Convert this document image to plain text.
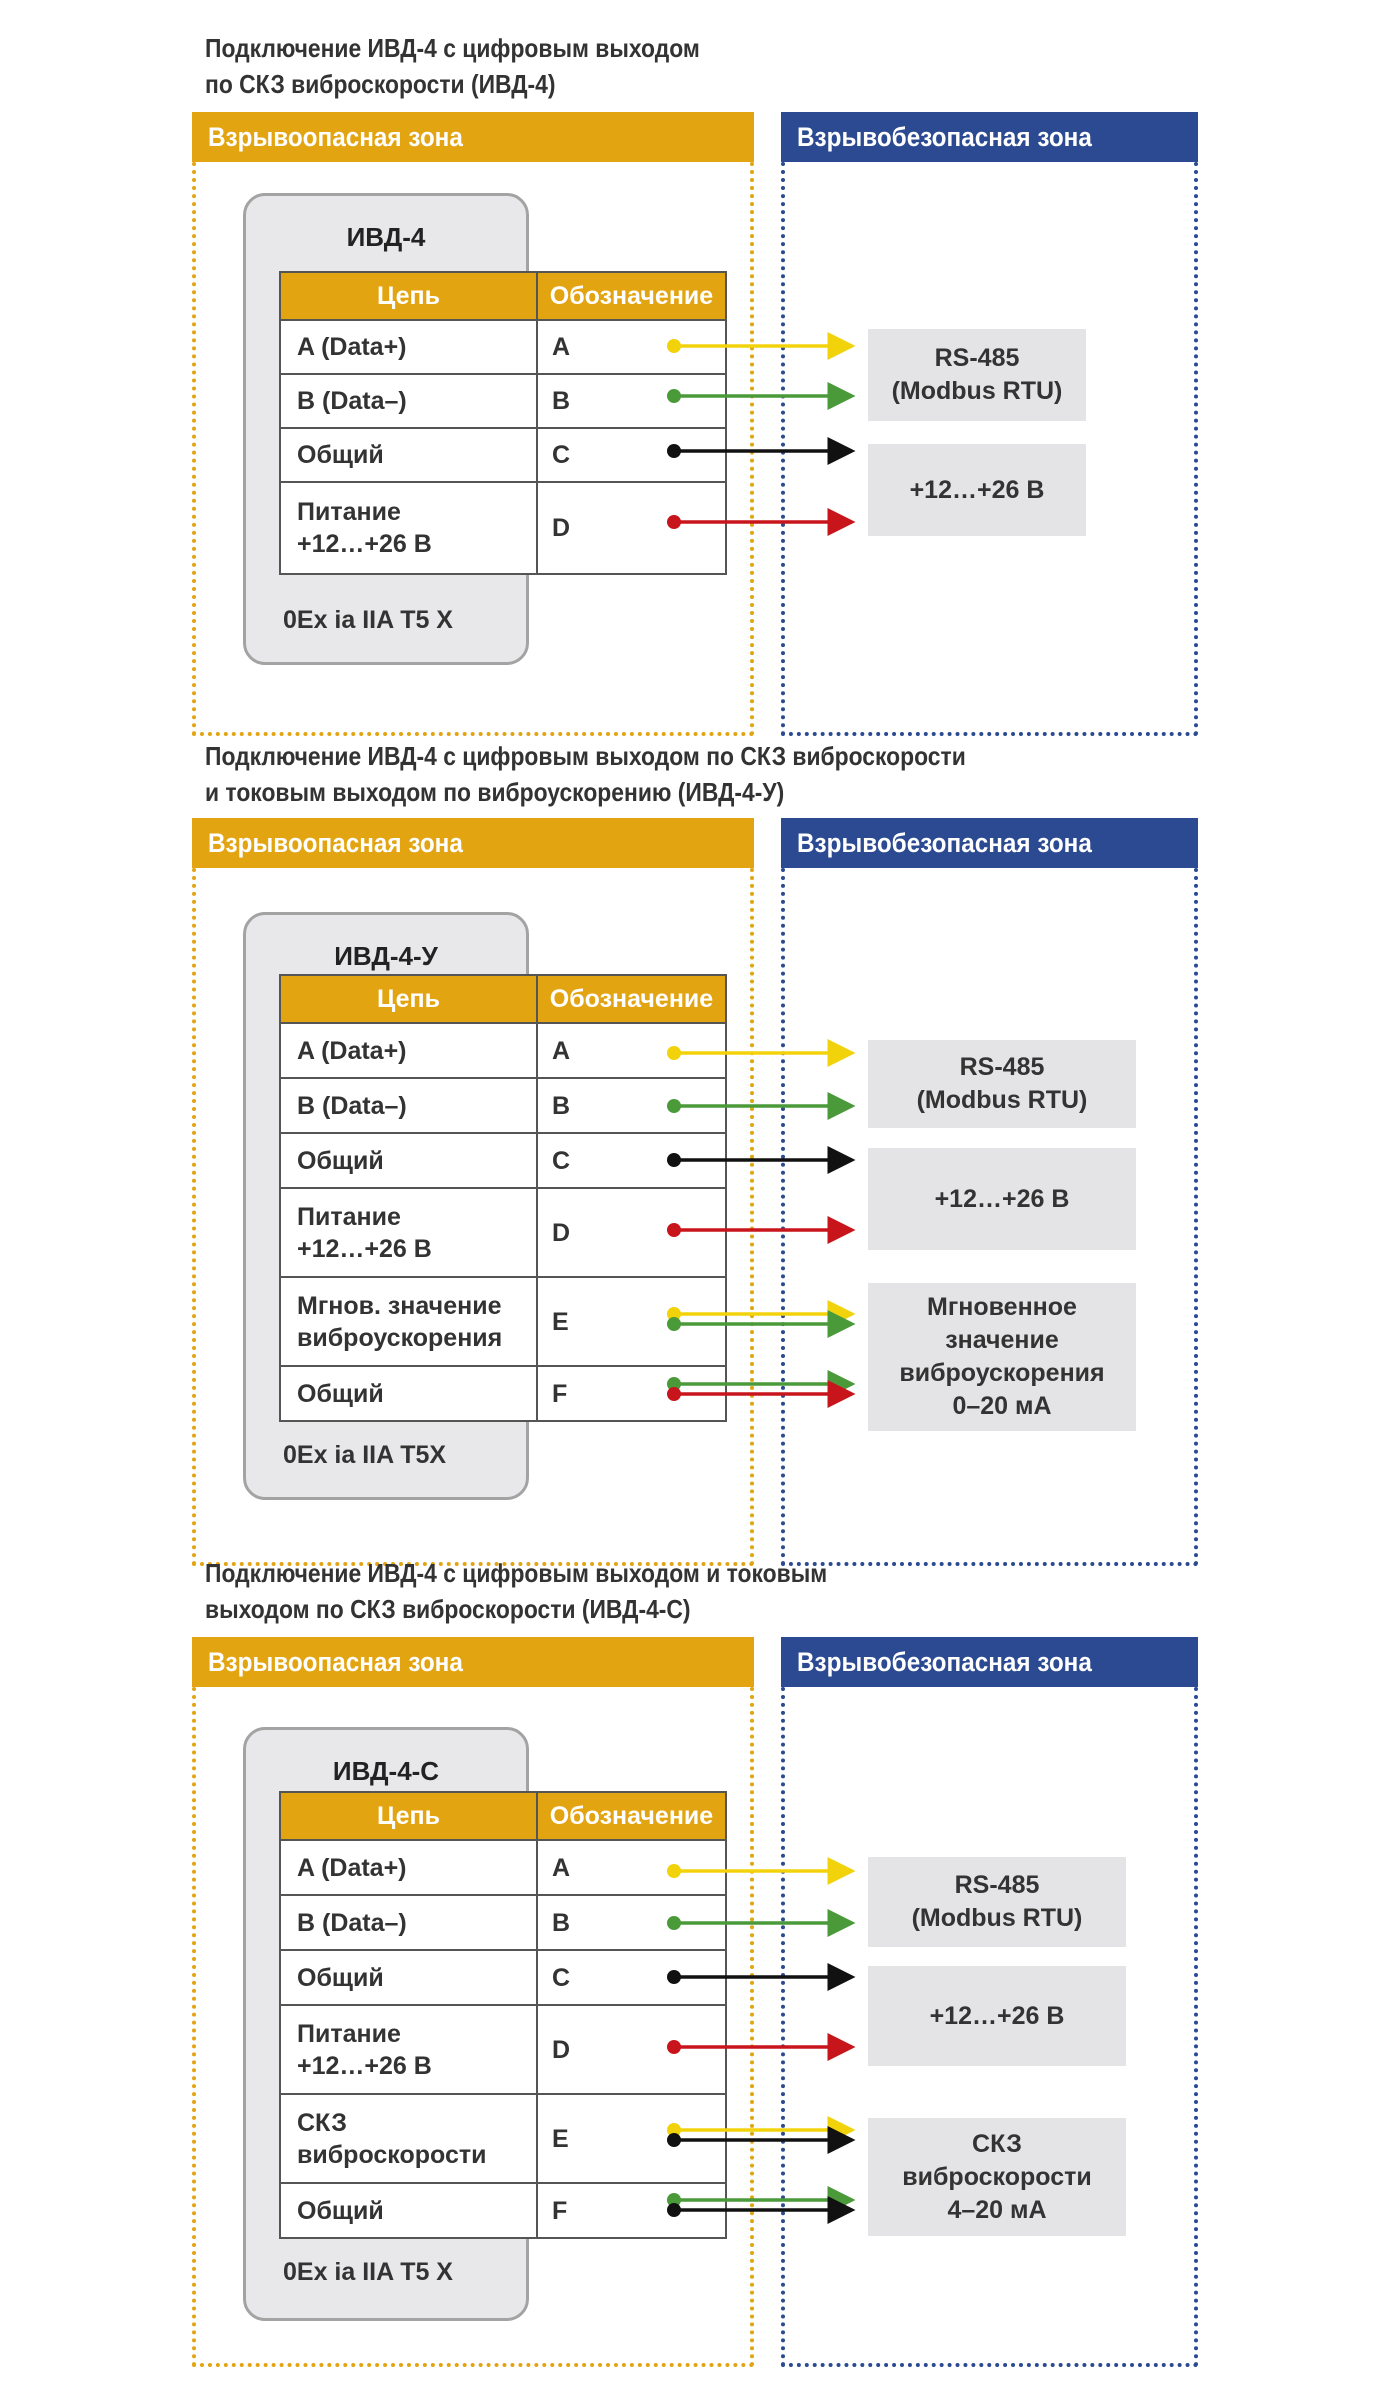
Подключение ИВД-4 с цифровым выходом
по СКЗ виброскорости (ИВД-4)
Взрывоопасная зона	Взрывобезопасная зона
ИВД-4
0Ex ia IIA T5 X
Цепь	Обозначение
A (Data+)	A
B (Data–)	B
Общий	C
Питание
+12…+26 В	D
RS-485
(Modbus RTU)
+12…+26 В
Подключение ИВД-4 с цифровым выходом по СКЗ виброскорости
и токовым выходом по виброускорению (ИВД-4-У)
Взрывоопасная зона	Взрывобезопасная зона
ИВД-4-У
0Ex ia IIA T5X
Цепь	Обозначение
A (Data+)	A
B (Data–)	B
Общий	C
Питание
+12…+26 В	D
Мгнов. значение
виброускорения	E
Общий	F
RS-485
(Modbus RTU)
+12…+26 В
Мгновенное
значение
виброускорения
0–20 мА
Подключение ИВД-4 с цифровым выходом и токовым
выходом по СКЗ виброскорости (ИВД-4-С)
Взрывоопасная зона	Взрывобезопасная зона
ИВД-4-С
0Ex ia IIA T5 X
Цепь	Обозначение
A (Data+)	A
B (Data–)	B
Общий	C
Питание
+12…+26 В	D
СКЗ
виброскорости	E
Общий	F
RS-485
(Modbus RTU)
+12…+26 В
СКЗ
виброскорости
4–20 мА
